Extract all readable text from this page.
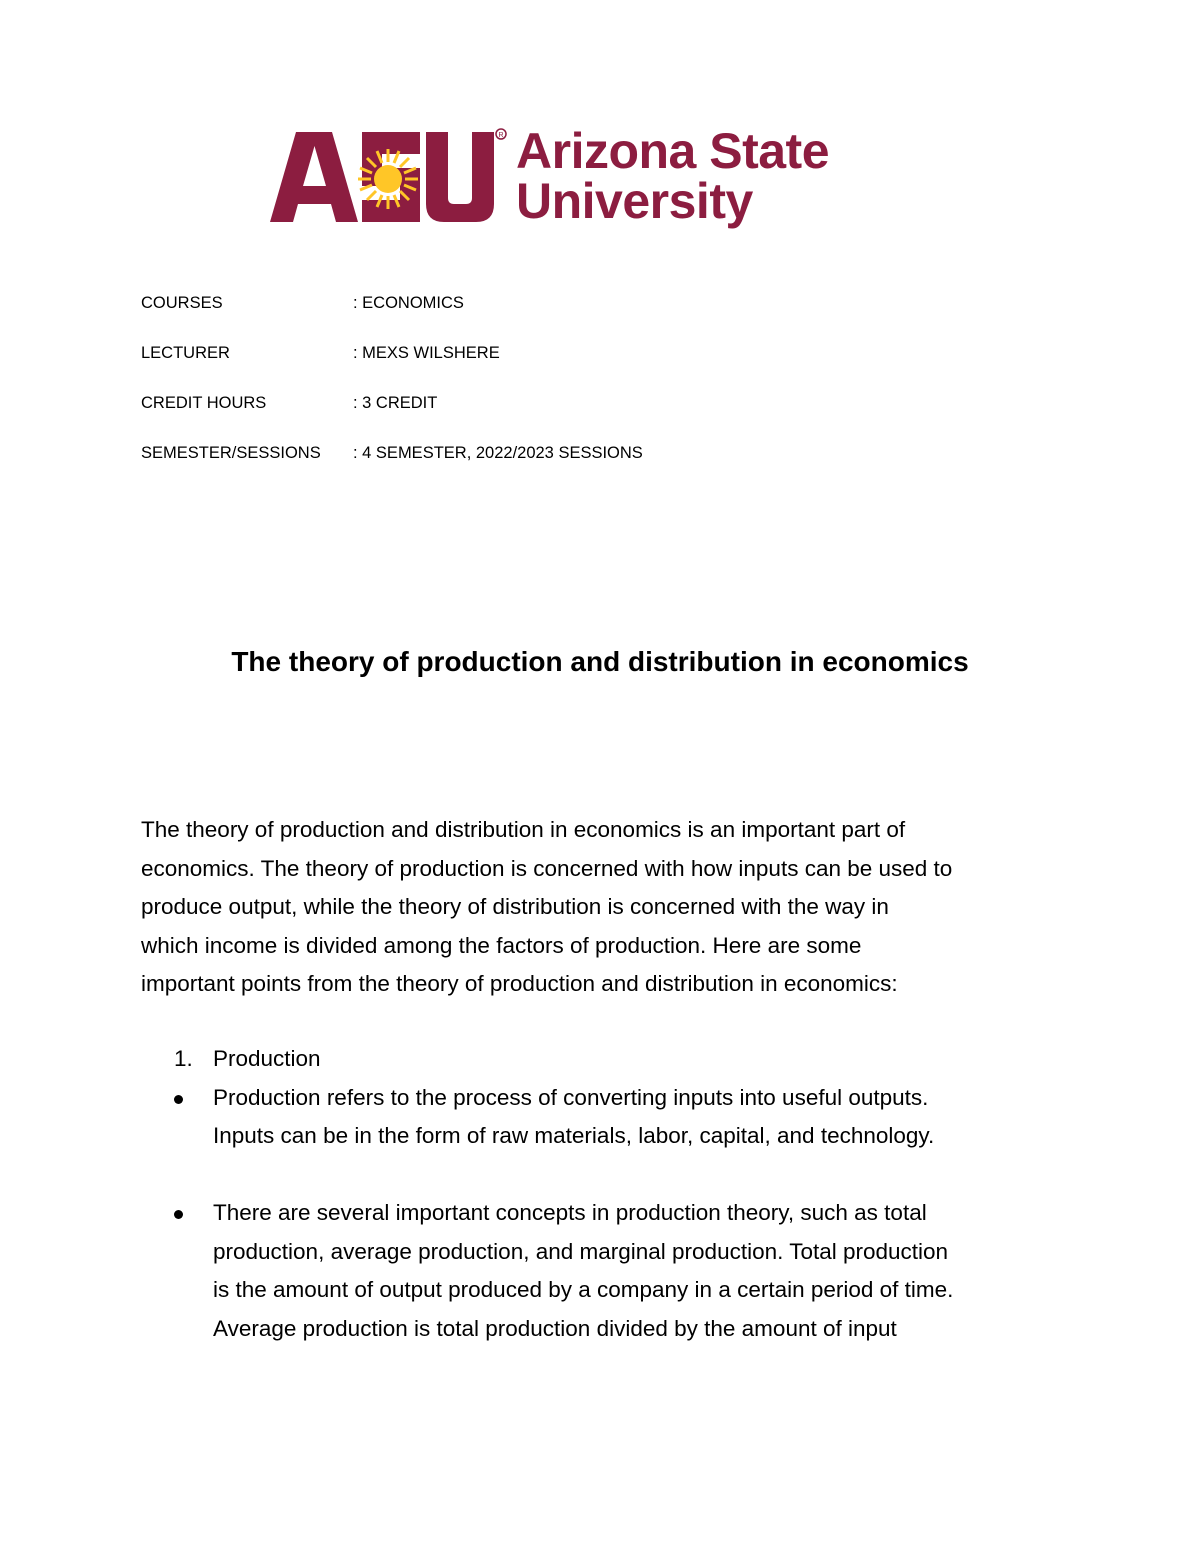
R Arizona State
University
COURSES	: ECONOMICS
LECTURER	: MEXS WILSHERE
CREDIT HOURS	: 3 CREDIT
SEMESTER/SESSIONS : 4 SEMESTER, 2022/2023 SESSIONS
The theory of production and distribution in economics

The theory of production and distribution in economics is an important part of

economics. The theory of production is concerned with how inputs can be used to

produce output, while the theory of distribution is concerned with the way in

which income is divided among the factors of production. Here are some

important points from the theory of production and distribution in economics:

1. Production

Production refers to the process of converting inputs into useful outputs.

Inputs can be in the form of raw materials, labor, capital, and technology.

There are several important concepts in production theory, such as total

production, average production, and marginal production. Total production

is the amount of output produced by a company in a certain period of time.

Average production is total production divided by the amount of input
